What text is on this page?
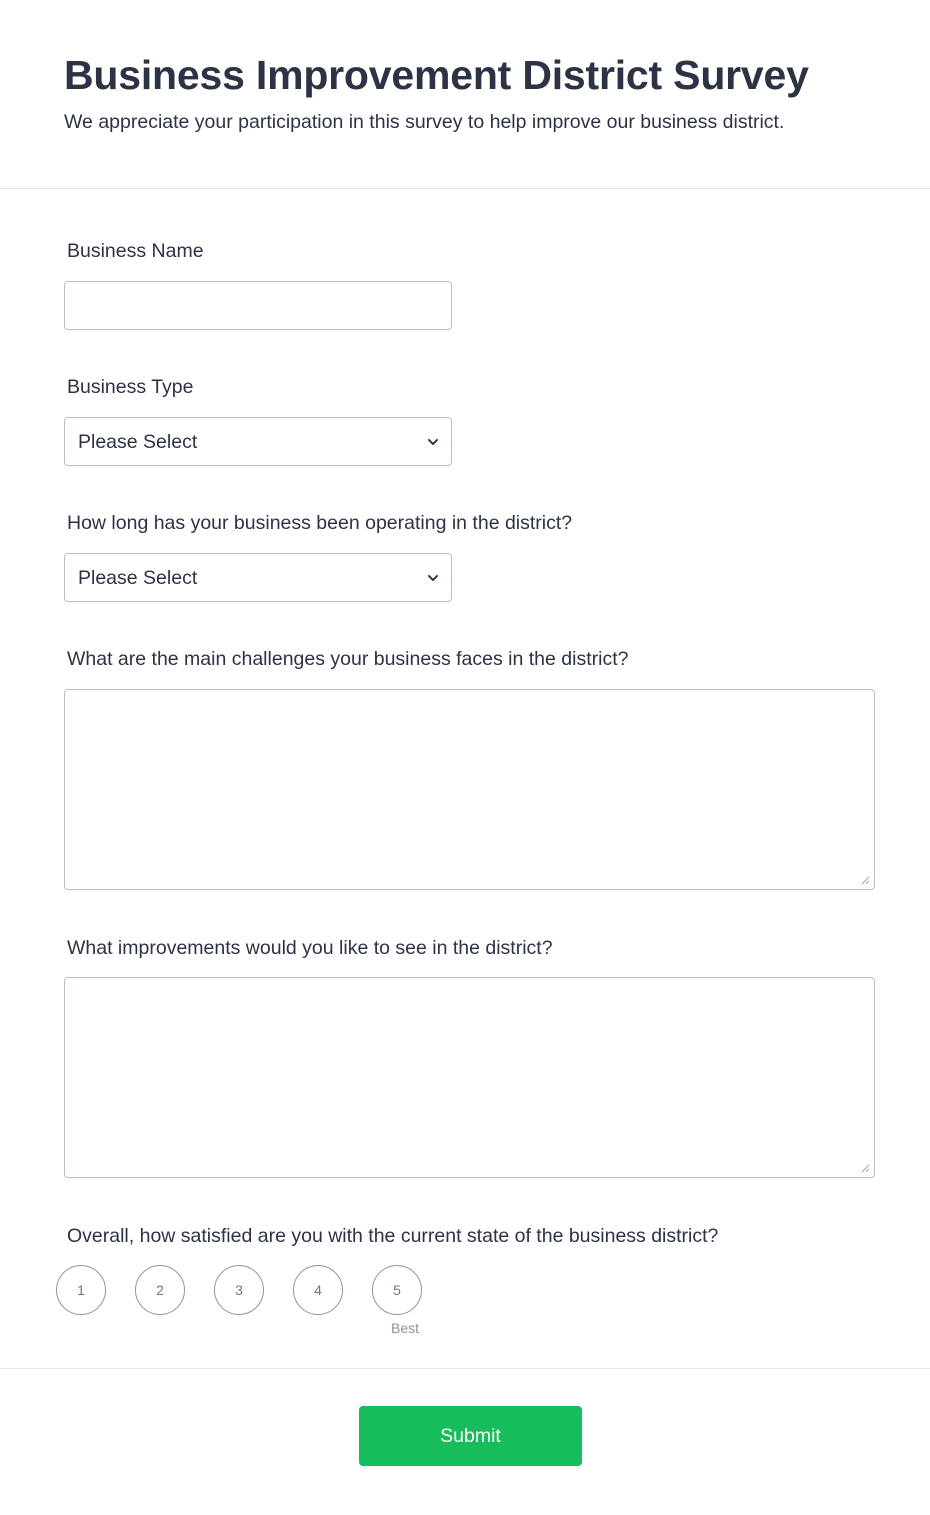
Business Improvement District Survey
We appreciate your participation in this survey to help improve our business district.
Business Name
Business Type
Please Select
How long has your business been operating in the district?
Please Select
What are the main challenges your business faces in the district?
What improvements would you like to see in the district?
Overall, how satisfied are you with the current state of the business district?
1	2	3	4	5
Best
Submit
